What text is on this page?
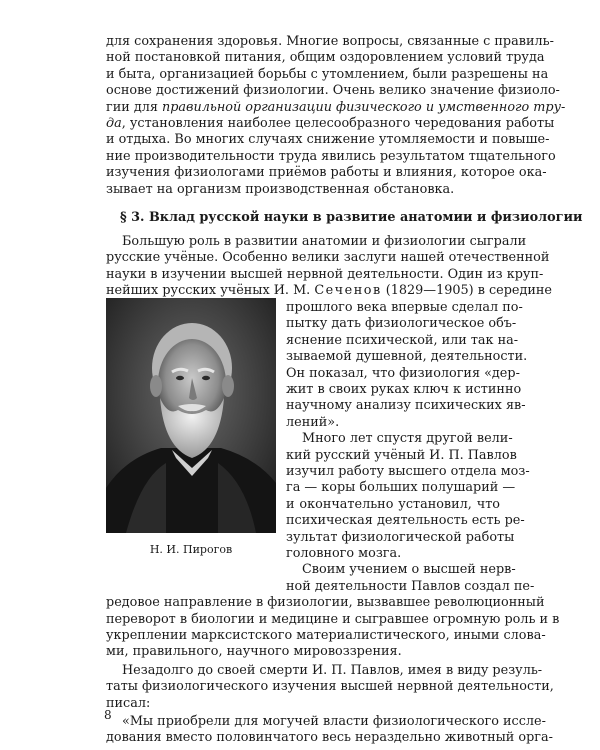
для сохранения здоровья. Многие вопросы, связанные с правиль-
ной постановкой питания, общим оздоровлением условий труда
и быта, организацией борьбы с утомлением, были разрешены на
основе достижений физиологии. Очень велико значение физиоло-
гии для правильной организации физического и умственного тру-
да, установления наиболее целесообразного чередования работы
и отдыха. Во многих случаях снижение утомляемости и повыше-
ние производительности труда явились результатом тщательного
изучения физиологами приёмов работы и влияния, которое ока-
§ 3. Вклад русской науки в развитие анатомии и физиологии
Большую роль в развитии анатомии и физиологии сыграли
русские учёные. Особенно велики заслуги нашей отечественной
науки в изучении высшей нервной деятельности. Один из круп-
нейших русских учёных И. М. Сеченов (1829—1905) в середине
Н. И. Пирогов
прошлого века впервые сделал по-
пытку дать физиологическое объ-
яснение психической, или так на-
зываемой душевной, деятельности.
Он показал, что физиология «дер-
жит в своих руках ключ к истинно
научному анализу психических яв-
лений».
Много лет спустя другой вели-
кий русский учёный И. П. Павлов
изучил работу высшего отдела моз-
га — коры больших полушарий —
и окончательно установил, что
психическая деятельность есть ре-
зультат физиологической работы
головного мозга.
Своим учением о высшей нерв-
ной деятельности Павлов создал пе-
редовое направление в физиологии, вызвавшее революционный
переворот в биологии и медицине и сыгравшее огромную роль и в
укреплении марксистского материалистического, иными слова-
ми, правильного, научного мировоззрения.
Незадолго до своей смерти И. П. Павлов, имея в виду резуль-
таты физиологического изучения высшей нервной деятельности,
писал:
«Мы приобрели для могучей власти физиологического иссле-
дования вместо половинчатого весь нераздельно животный орга-
8
зывает на организм производственная обстановка.
